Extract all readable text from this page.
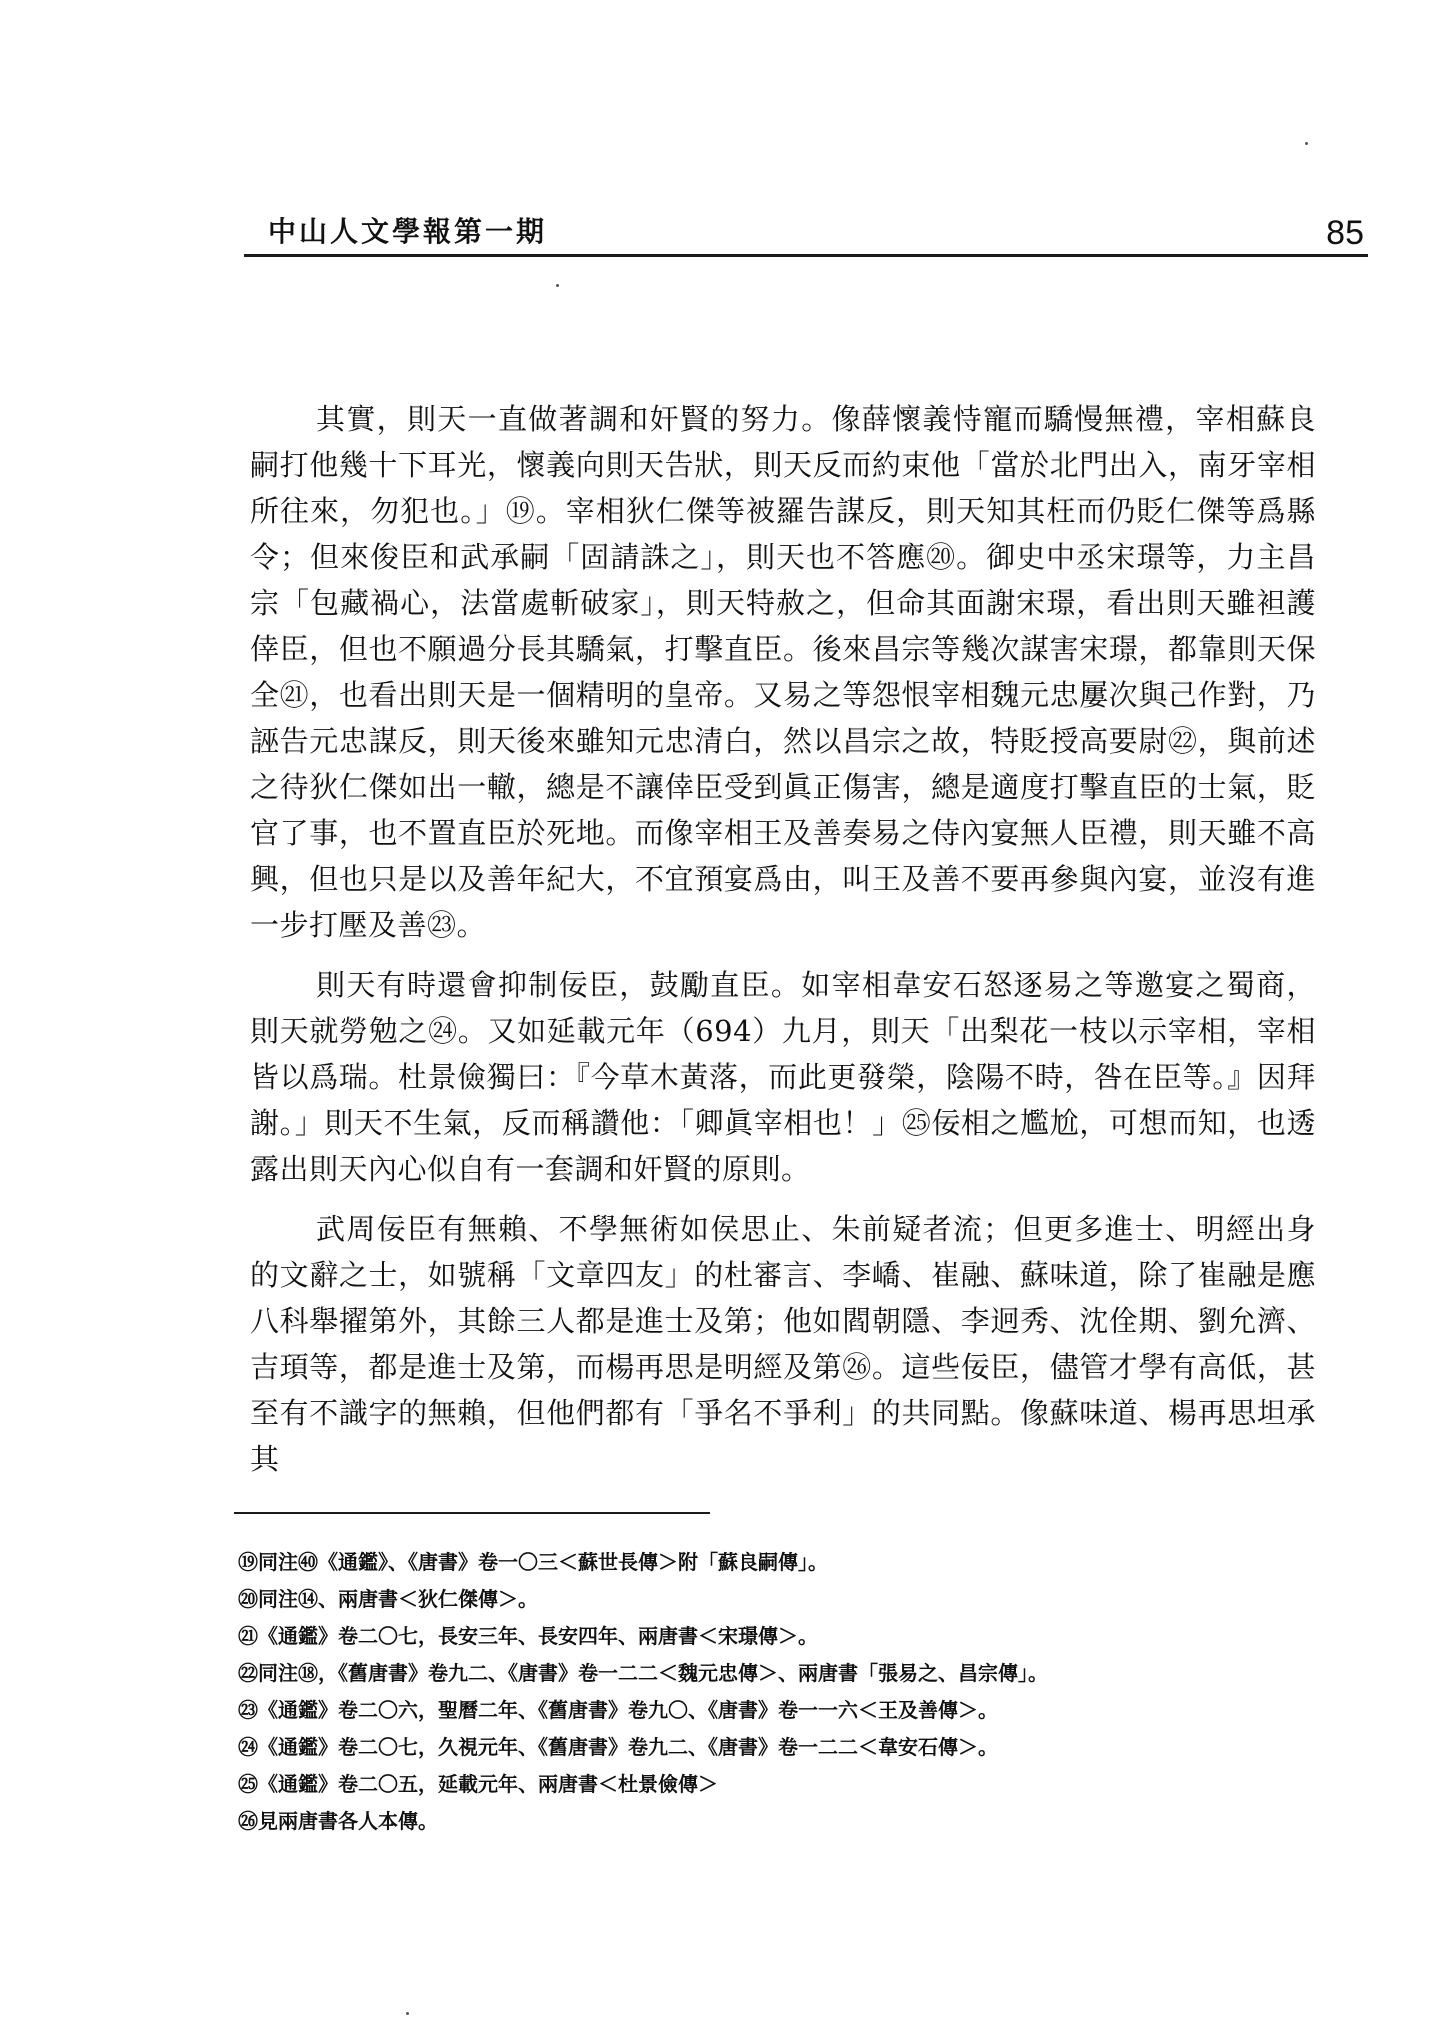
中山人文學報第一期	85

其實，則天一直做著調和奸賢的努力。像薛懷義恃寵而驕慢無禮，宰相蘇良嗣打他幾十下耳光，懷義向則天告狀，則天反而約束他「當於北門出入，南牙宰相所往來，勿犯也。」⑲。宰相狄仁傑等被羅告謀反，則天知其枉而仍貶仁傑等爲縣令；但來俊臣和武承嗣「固請誅之」，則天也不答應⑳。御史中丞宋璟等，力主昌宗「包藏禍心，法當處斬破家」，則天特赦之，但命其面謝宋璟，看出則天雖袒護倖臣，但也不願過分長其驕氣，打擊直臣。後來昌宗等幾次謀害宋璟，都靠則天保全㉑，也看出則天是一個精明的皇帝。又易之等怨恨宰相魏元忠屢次與己作對，乃誣告元忠謀反，則天後來雖知元忠清白，然以昌宗之故，特貶授高要尉㉒，與前述之待狄仁傑如出一轍，總是不讓倖臣受到眞正傷害，總是適度打擊直臣的士氣，貶官了事，也不置直臣於死地。而像宰相王及善奏易之侍內宴無人臣禮，則天雖不高興，但也只是以及善年紀大，不宜預宴爲由，叫王及善不要再參與內宴，並沒有進一步打壓及善㉓。

則天有時還會抑制佞臣，鼓勵直臣。如宰相韋安石怒逐易之等邀宴之蜀商，則天就勞勉之㉔。又如延載元年（694）九月，則天「出梨花一枝以示宰相，宰相皆以爲瑞。杜景儉獨曰：『今草木黃落，而此更發榮，陰陽不時，咎在臣等。』因拜謝。」則天不生氣，反而稱讚他：「卿眞宰相也！」㉕佞相之尷尬，可想而知，也透露出則天內心似自有一套調和奸賢的原則。

武周佞臣有無賴、不學無術如侯思止、朱前疑者流；但更多進士、明經出身的文辭之士，如號稱「文章四友」的杜審言、李嶠、崔融、蘇味道，除了崔融是應八科舉擢第外，其餘三人都是進士及第；他如閻朝隱、李迥秀、沈佺期、劉允濟、吉頊等，都是進士及第，而楊再思是明經及第㉖。這些佞臣，儘管才學有高低，甚至有不識字的無賴，但他們都有「爭名不爭利」的共同點。像蘇味道、楊再思坦承其

⑲同注㊵《通鑑》、《唐書》卷一〇三＜蘇世長傳＞附「蘇良嗣傳」。
⑳同注⑭、兩唐書＜狄仁傑傳＞。
㉑《通鑑》卷二〇七，長安三年、長安四年、兩唐書＜宋璟傳＞。
㉒同注⑱，《舊唐書》卷九二、《唐書》卷一二二＜魏元忠傳＞、兩唐書「張易之、昌宗傳」。
㉓《通鑑》卷二〇六，聖曆二年、《舊唐書》卷九〇、《唐書》卷一一六＜王及善傳＞。
㉔《通鑑》卷二〇七，久視元年、《舊唐書》卷九二、《唐書》卷一二二＜韋安石傳＞。
㉕《通鑑》卷二〇五，延載元年、兩唐書＜杜景儉傳＞
㉖見兩唐書各人本傳。
